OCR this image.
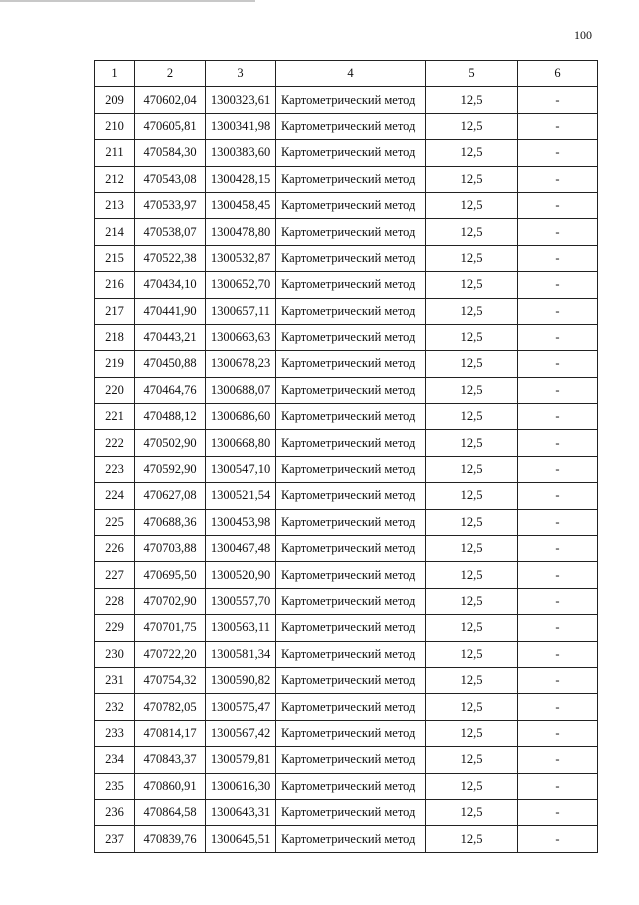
100
1	2	3	4	5	6
209	470602,04	1300323,61	Картометрический метод	12,5	-
210	470605,81	1300341,98	Картометрический метод	12,5	-
211	470584,30	1300383,60	Картометрический метод	12,5	-
212	470543,08	1300428,15	Картометрический метод	12,5	-
213	470533,97	1300458,45	Картометрический метод	12,5	-
214	470538,07	1300478,80	Картометрический метод	12,5	-
215	470522,38	1300532,87	Картометрический метод	12,5	-
216	470434,10	1300652,70	Картометрический метод	12,5	-
217	470441,90	1300657,11	Картометрический метод	12,5	-
218	470443,21	1300663,63	Картометрический метод	12,5	-
219	470450,88	1300678,23	Картометрический метод	12,5	-
220	470464,76	1300688,07	Картометрический метод	12,5	-
221	470488,12	1300686,60	Картометрический метод	12,5	-
222	470502,90	1300668,80	Картометрический метод	12,5	-
223	470592,90	1300547,10	Картометрический метод	12,5	-
224	470627,08	1300521,54	Картометрический метод	12,5	-
225	470688,36	1300453,98	Картометрический метод	12,5	-
226	470703,88	1300467,48	Картометрический метод	12,5	-
227	470695,50	1300520,90	Картометрический метод	12,5	-
228	470702,90	1300557,70	Картометрический метод	12,5	-
229	470701,75	1300563,11	Картометрический метод	12,5	-
230	470722,20	1300581,34	Картометрический метод	12,5	-
231	470754,32	1300590,82	Картометрический метод	12,5	-
232	470782,05	1300575,47	Картометрический метод	12,5	-
233	470814,17	1300567,42	Картометрический метод	12,5	-
234	470843,37	1300579,81	Картометрический метод	12,5	-
235	470860,91	1300616,30	Картометрический метод	12,5	-
236	470864,58	1300643,31	Картометрический метод	12,5	-
237	470839,76	1300645,51	Картометрический метод	12,5	-
